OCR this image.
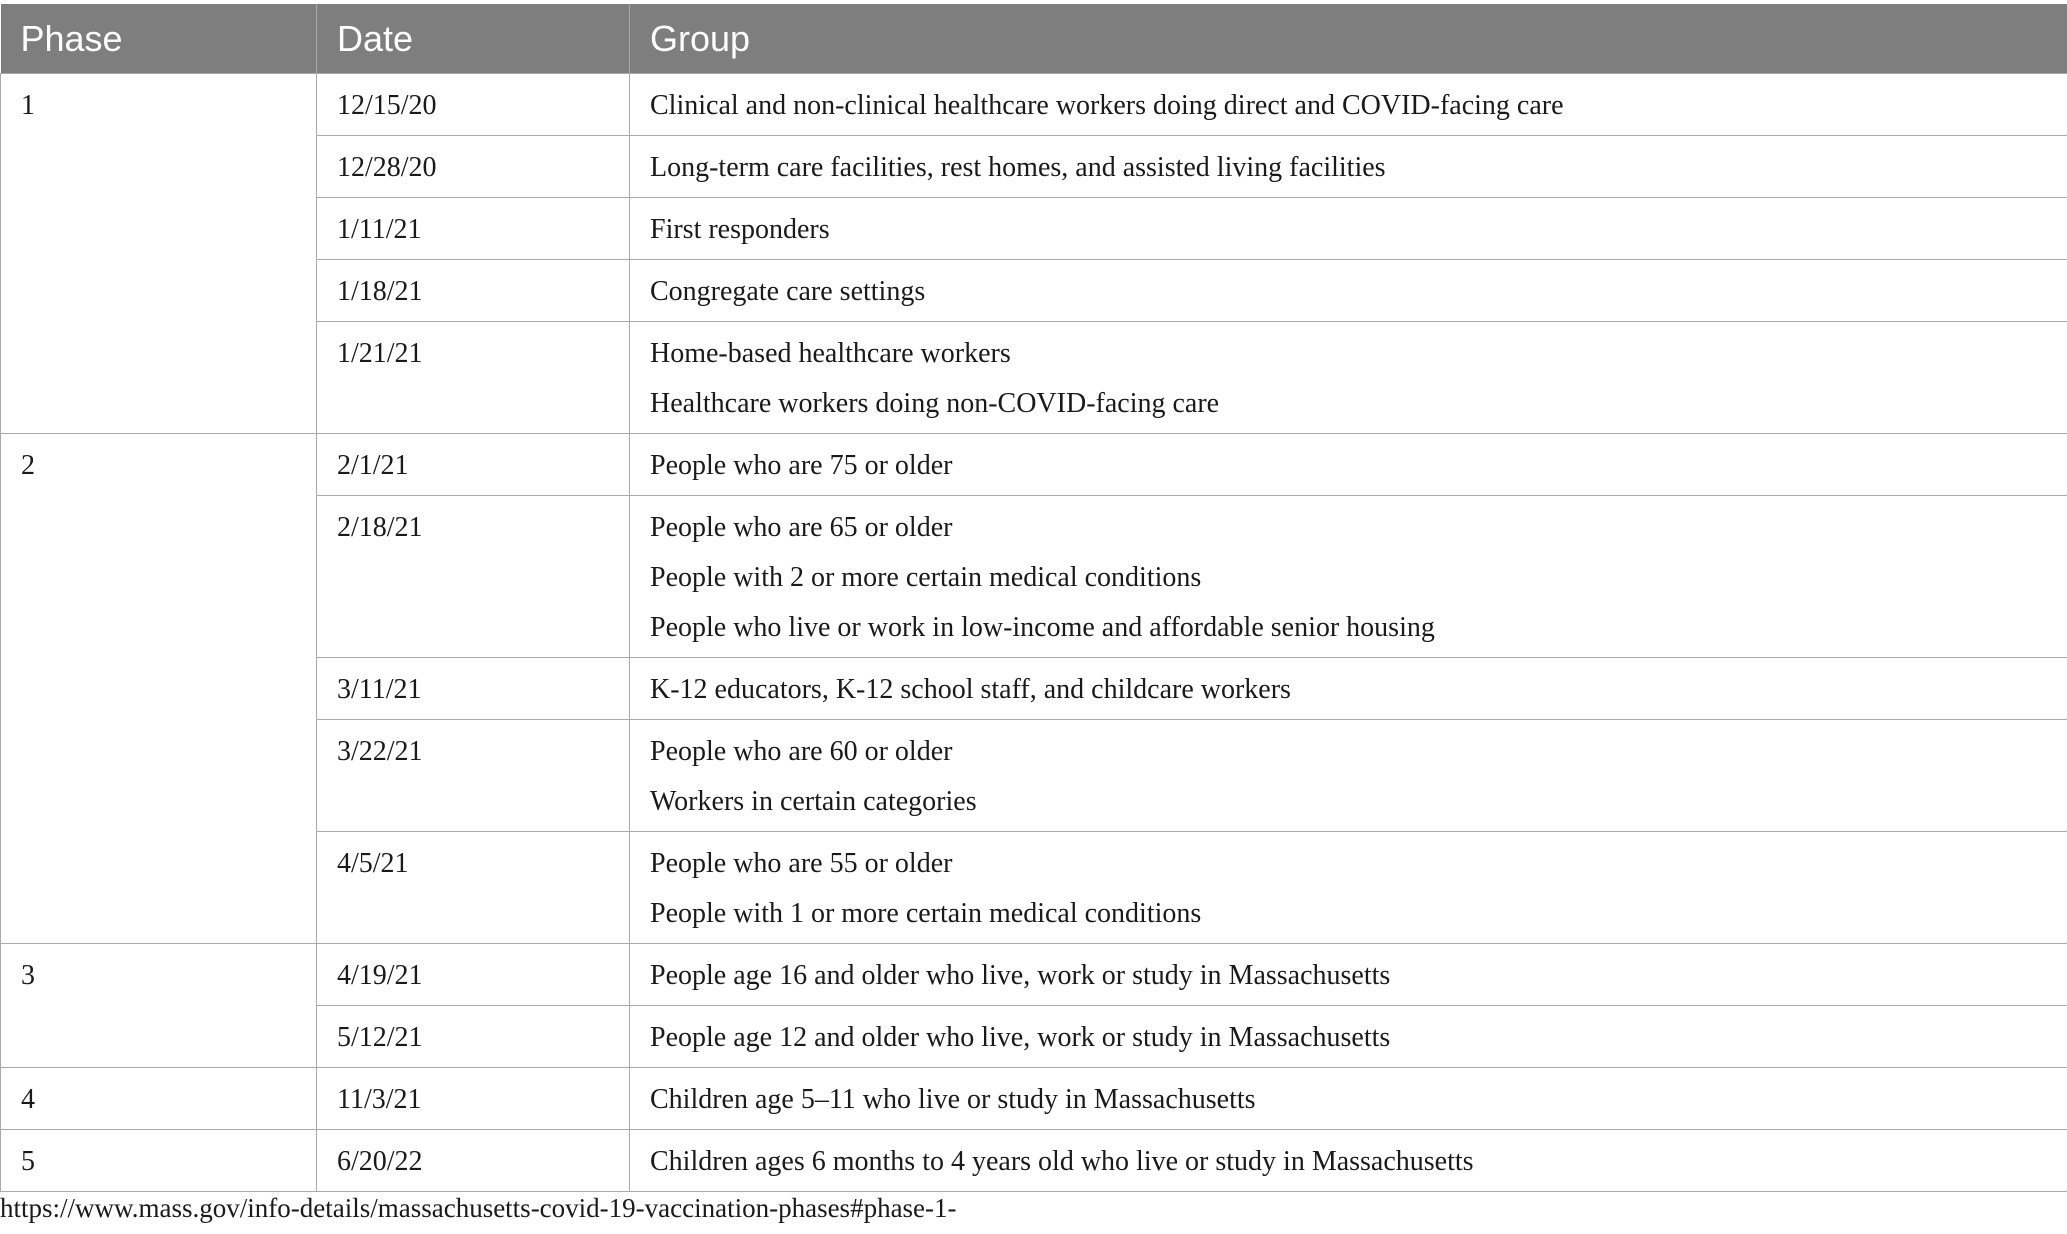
Phase	Date	Group
1	12/15/20	Clinical and non-clinical healthcare workers doing direct and COVID-facing care

	12/28/20	Long-term care facilities, rest homes, and assisted living facilities

	1/11/21	First responders

	1/18/21	Congregate care settings

	1/21/21	Home-based healthcare workers
Healthcare workers doing non-COVID-facing care

2	2/1/21	People who are 75 or older

	2/18/21	People who are 65 or older
People with 2 or more certain medical conditions
People who live or work in low-income and affordable senior housing

	3/11/21	K-12 educators, K-12 school staff, and childcare workers

	3/22/21	People who are 60 or older
Workers in certain categories

	4/5/21	People who are 55 or older
People with 1 or more certain medical conditions

3	4/19/21	People age 16 and older who live, work or study in Massachusetts

	5/12/21	People age 12 and older who live, work or study in Massachusetts

4	11/3/21	Children age 5–11 who live or study in Massachusetts

5	6/20/22	Children ages 6 months to 4 years old who live or study in Massachusetts
https://www.mass.gov/info-details/massachusetts-covid-19-vaccination-phases#phase-1-
